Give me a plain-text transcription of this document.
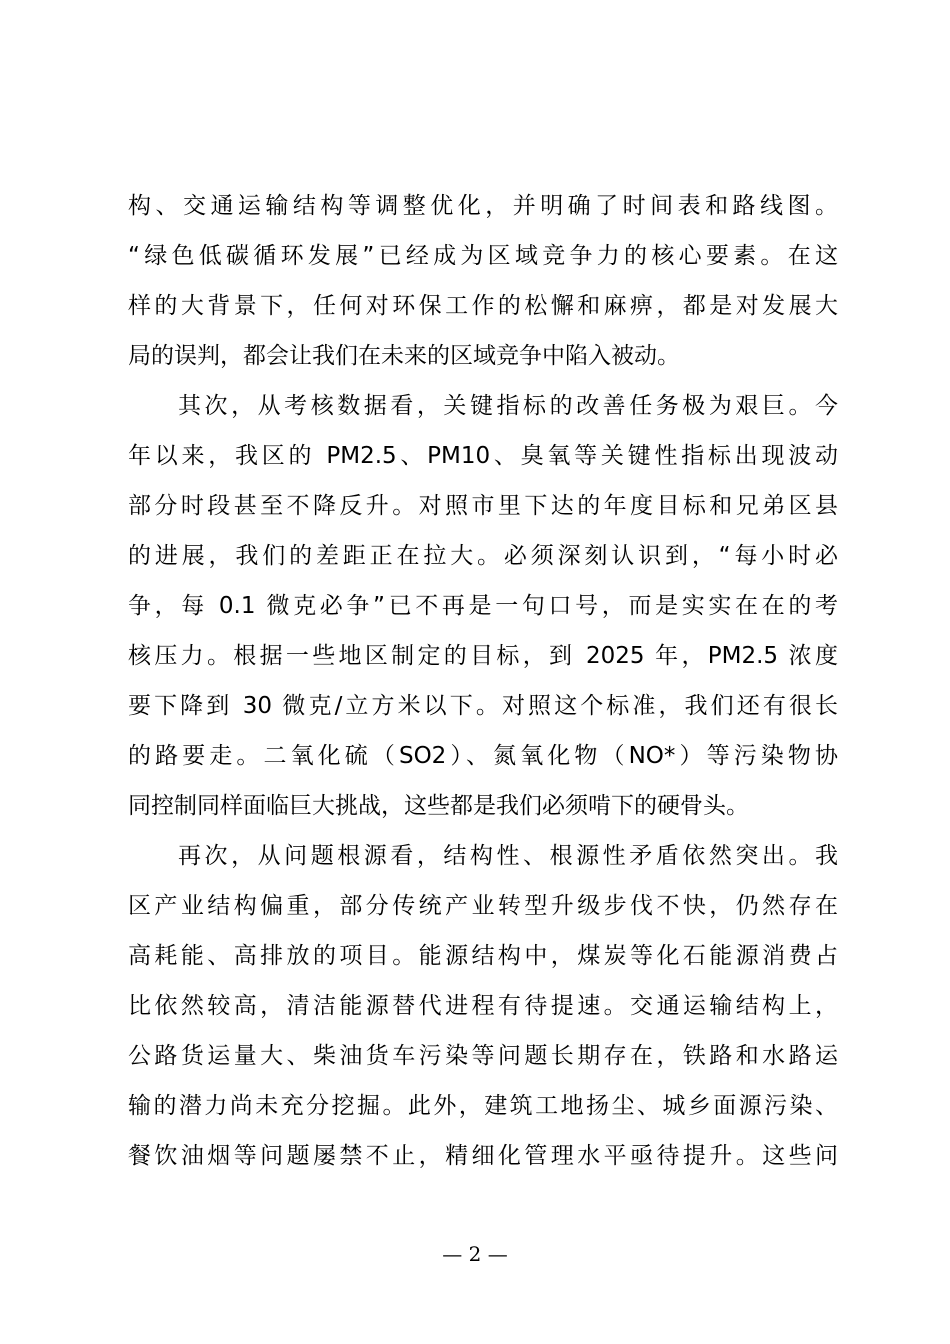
构、交通运输结构等调整优化，并明确了时间表和路线图。
“绿色低碳循环发展”已经成为区域竞争力的核心要素。在这
样的大背景下，任何对环保工作的松懈和麻痹，都是对发展大
局的误判，都会让我们在未来的区域竞争中陷入被动。
其次，从考核数据看，关键指标的改善任务极为艰巨。今
年以来，我区的 PM2.5、PM10、臭氧等关键性指标出现波动
部分时段甚至不降反升。对照市里下达的年度目标和兄弟区县
的进展，我们的差距正在拉大。必须深刻认识到，“每小时必
争，每 0.1 微克必争”已不再是一句口号，而是实实在在的考
核压力。根据一些地区制定的目标，到 2025 年，PM2.5 浓度
要下降到 30 微克/立方米以下。对照这个标准，我们还有很长
的路要走。二氧化硫（SO2）、氮氧化物（NO*）等污染物协
同控制同样面临巨大挑战，这些都是我们必须啃下的硬骨头。
再次，从问题根源看，结构性、根源性矛盾依然突出。我
区产业结构偏重，部分传统产业转型升级步伐不快，仍然存在
高耗能、高排放的项目。能源结构中，煤炭等化石能源消费占
比依然较高，清洁能源替代进程有待提速。交通运输结构上，
公路货运量大、柴油货车污染等问题长期存在，铁路和水路运
输的潜力尚未充分挖掘。此外，建筑工地扬尘、城乡面源污染、
餐饮油烟等问题屡禁不止，精细化管理水平亟待提升。这些问
— 2 —
